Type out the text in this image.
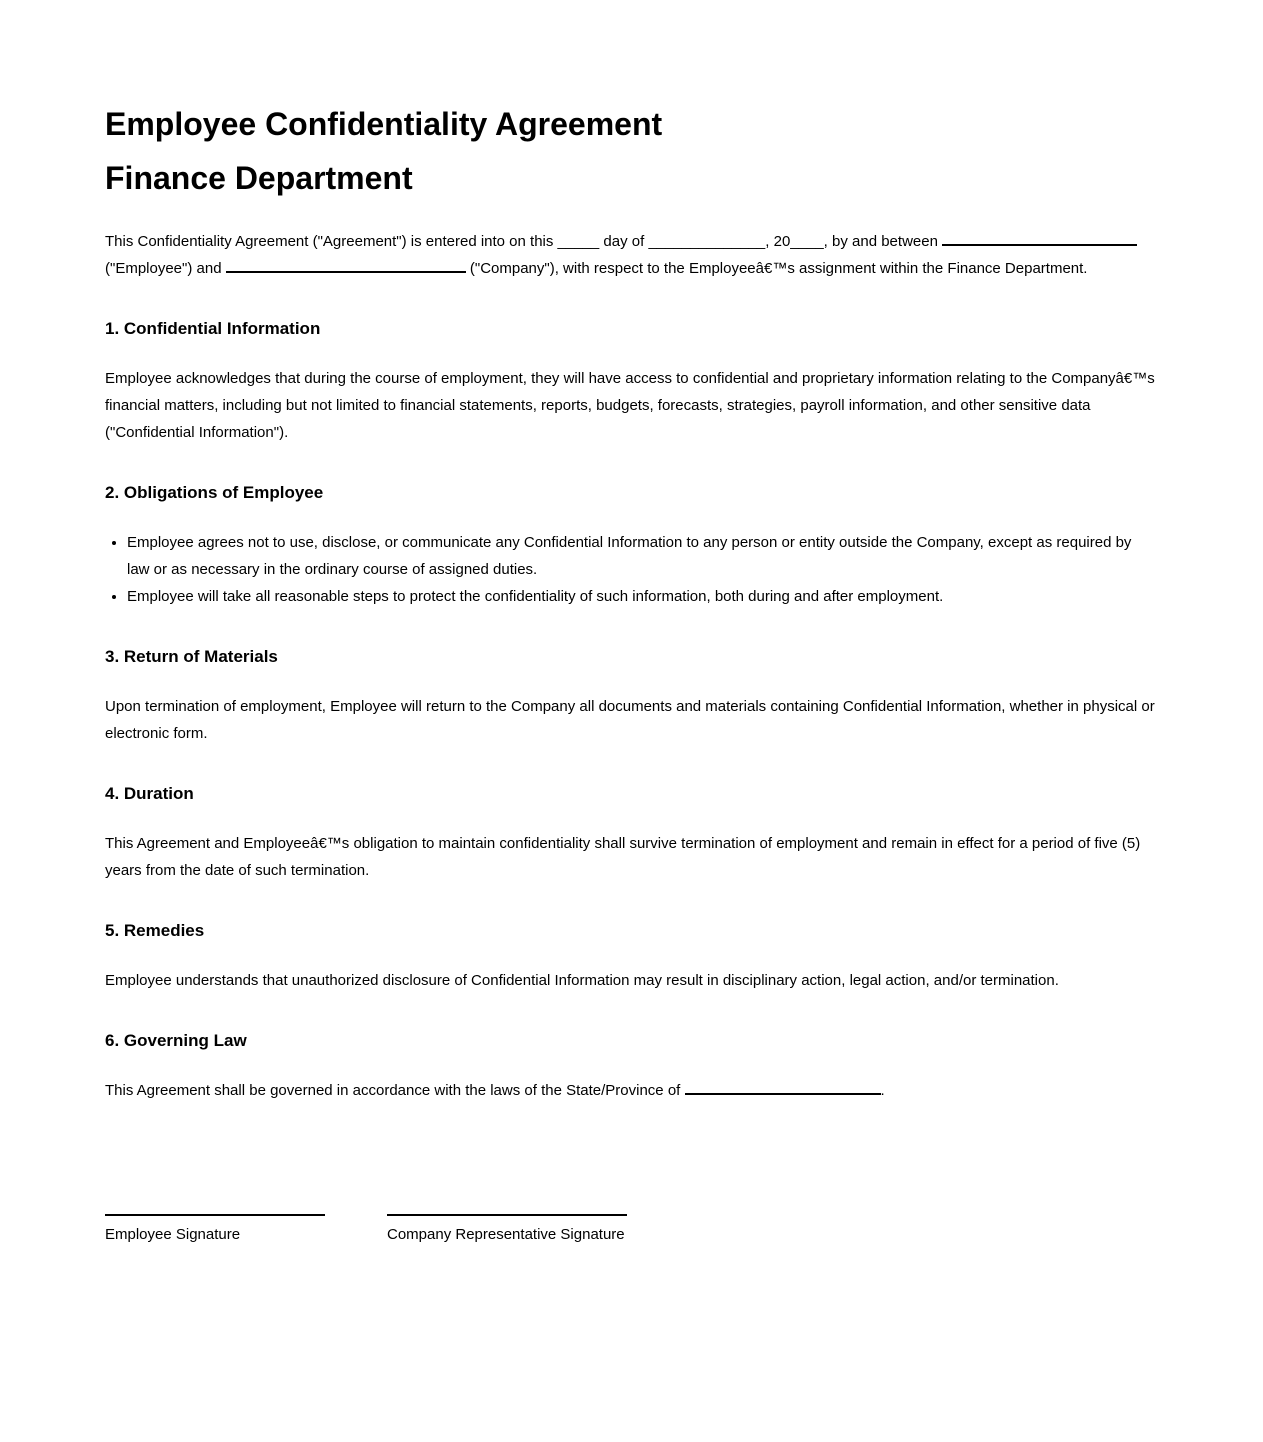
Employee Confidentiality Agreement
Finance Department

This Confidentiality Agreement ("Agreement") is entered into on this _____ day of ______________, 20____, by and between  ("Employee") and	("Company"), with respect to the Employeeâ€™s assignment within the Finance Department.

1. Confidential Information

Employee acknowledges that during the course of employment, they will have access to confidential and proprietary information relating to the Companyâ€™s financial matters, including but not limited to financial statements, reports, budgets, forecasts, strategies, payroll information, and other sensitive data ("Confidential Information").

2. Obligations of Employee
• Employee agrees not to use, disclose, or communicate any Confidential Information to any person or entity outside the Company, except as required by law or as necessary in the ordinary course of assigned duties.
• Employee will take all reasonable steps to protect the confidentiality of such information, both during and after employment.
3. Return of Materials

Upon termination of employment, Employee will return to the Company all documents and materials containing Confidential Information, whether in physical or electronic form.

4. Duration

This Agreement and Employeeâ€™s obligation to maintain confidentiality shall survive termination of employment and remain in effect for a period of five (5) years from the date of such termination.

5. Remedies

Employee understands that unauthorized disclosure of Confidential Information may result in disciplinary action, legal action, and/or termination.

6. Governing Law

This Agreement shall be governed in accordance with the laws of the State/Province of	.

Employee Signature	Company Representative Signature
